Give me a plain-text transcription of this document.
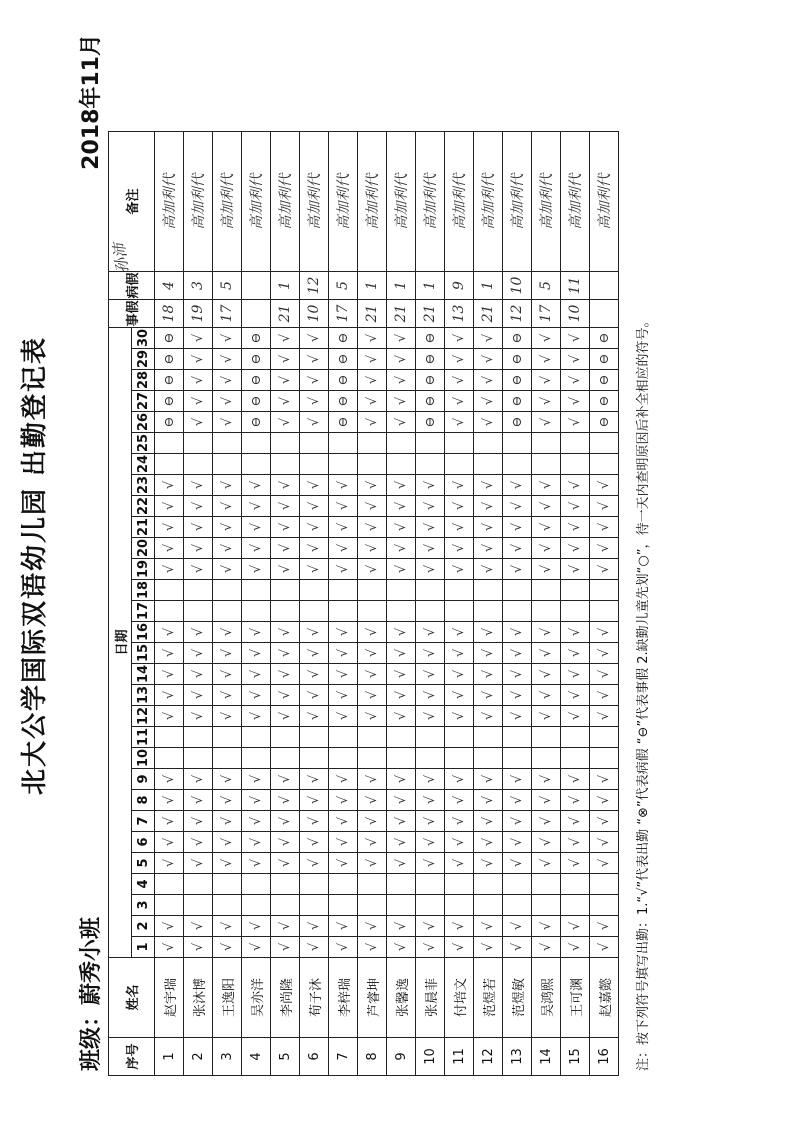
北大公学国际双语幼儿园 出勤登记表
班级：蔚秀小班
2018年11月
孙沛
序号	姓名	日期																														事假	病假	备注
		1	2	3	4	5	6	7	8	9	10	11	12	13	14	15	16	17	18	19	20	21	22	23	24	25	26	27	28	29	30			
1	赵宇瑞	√	√			√	√	√	√	√			√	√	√	√	√			√	√	√	√	√			⊖	⊖	⊖	⊖	⊖	18	4	高加利代
2	张沐博	√	√			√	√	√	√	√			√	√	√	√	√			√	√	√	√	√			√	√	√	√	√	19	3	高加利代
3	王逸阳	√	√			√	√	√	√	√			√	√	√	√	√			√	√	√	√	√			√	√	√	√	√	17	5	高加利代
4	吴亦洋	√	√			√	√	√	√	√			√	√	√	√	√			√	√	√	√	√			⊖	⊖	⊖	⊖	⊖			高加利代
5	李尚隆	√	√			√	√	√	√	√			√	√	√	√	√			√	√	√	√	√			√	√	√	√	√	21	1	高加利代
6	荀子沐	√	√			√	√	√	√	√			√	√	√	√	√			√	√	√	√	√			√	√	√	√	√	10	12	高加利代
7	李梓瑞	√	√			√	√	√	√	√			√	√	√	√	√			√	√	√	√	√			⊖	⊖	⊖	⊖	⊖	17	5	高加利代
8	芦睿坤	√	√			√	√	√	√	√			√	√	√	√	√			√	√	√	√	√			√	√	√	√	√	21	1	高加利代
9	张馨逸	√	√			√	√	√	√	√			√	√	√	√	√			√	√	√	√	√			√	√	√	√	√	21	1	高加利代
10	张晨菲	√	√			√	√	√	√	√			√	√	√	√	√			√	√	√	√	√			⊖	⊖	⊖	⊖	⊖	21	1	高加利代
11	付培文	√	√			√	√	√	√	√			√	√	√	√	√			√	√	√	√	√			√	√	√	√	√	13	9	高加利代
12	范煜若	√	√			√	√	√	√	√			√	√	√	√	√			√	√	√	√	√			√	√	√	√	√	21	1	高加利代
13	范煜敏	√	√			√	√	√	√	√			√	√	√	√	√			√	√	√	√	√			⊖	⊖	⊖	⊖	⊖	12	10	高加利代
14	吴鸿熙	√	√			√	√	√	√	√			√	√	√	√	√			√	√	√	√	√			√	√	√	√	√	17	5	高加利代
15	王可渊	√	√			√	√	√	√	√			√	√	√	√	√			√	√	√	√	√			√	√	√	√	√	10	11	高加利代
16	赵嘉懿	√	√			√	√	√	√	√			√	√	√	√	√			√	√	√	√	√			⊖	⊖	⊖	⊖	⊖			高加利代
注：按下列符号填写出勤：1.“√”代表出勤 “⊗”代表病假 “⊖”代表事假 2.缺勤儿童先划“○”，待一天内查明原因后补全相应的符号。
